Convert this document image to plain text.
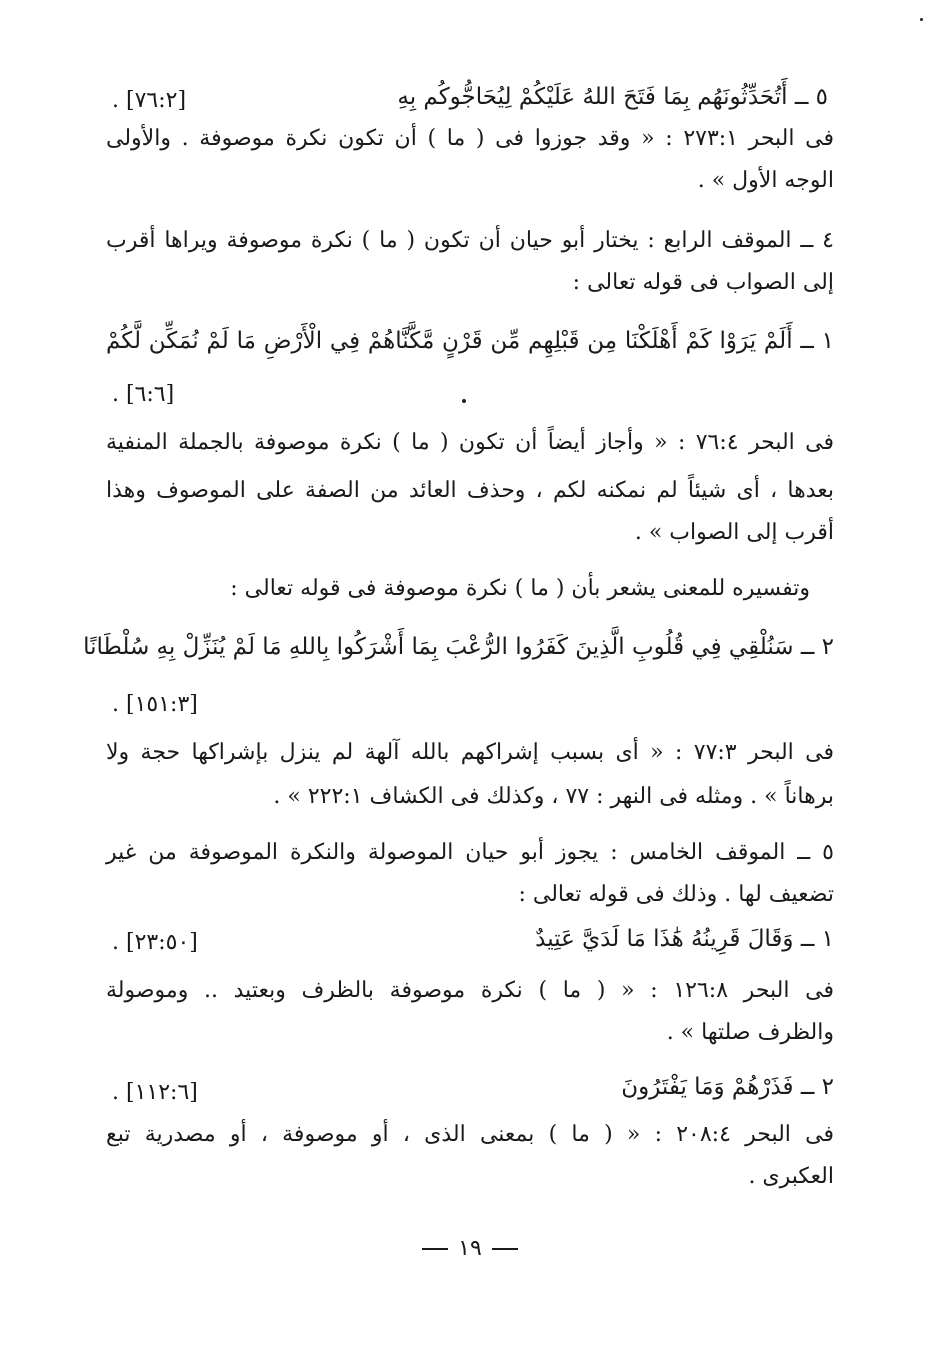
٥ ــ أَتُحَدِّثُونَهُم بِمَا فَتَحَ اللهُ عَلَيْكُمْ لِيُحَاجُّوكُم بِهِ
[٧٦:٢] .
فى البحر ٢٧٣:١ : « وقد جوزوا فى ( ما ) أن تكون نكرة موصوفة . والأولى
الوجه الأول » .
٤ ــ الموقف الرابع : يختار أبو حيان أن تكون ( ما ) نكرة موصوفة ويراها أقرب
إلى الصواب فى قوله تعالى :
١ ــ أَلَمْ يَرَوْا كَمْ أَهْلَكْنَا مِن قَبْلِهِم مِّن قَرْنٍ مَّكَّنَّاهُمْ فِي الْأَرْضِ مَا لَمْ نُمَكِّن لَّكُمْ
[٦:٦] .
فى البحر ٧٦:٤ : « وأجاز أيضاً أن تكون ( ما ) نكرة موصوفة بالجملة المنفية
بعدها ، أى شيئاً لم نمكنه لكم ، وحذف العائد من الصفة على الموصوف وهذا
أقرب إلى الصواب » .
وتفسيره للمعنى يشعر بأن ( ما ) نكرة موصوفة فى قوله تعالى :
٢ ــ سَنُلْقِي فِي قُلُوبِ الَّذِينَ كَفَرُوا الرُّعْبَ بِمَا أَشْرَكُوا بِاللهِ مَا لَمْ يُنَزِّلْ بِهِ سُلْطَانًا
[١٥١:٣] .
فى البحر ٧٧:٣ : « أى بسبب إشراكهم بالله آلهة لم ينزل بإشراكها حجة ولا
برهاناً » . ومثله فى النهر : ٧٧ ، وكذلك فى الكشاف ٢٢٢:١ » .
٥ ــ الموقف الخامس : يجوز أبو حيان الموصولة والنكرة الموصوفة من غير
تضعيف لها . وذلك فى قوله تعالى :
١ ــ وَقَالَ قَرِينُهُ هَٰذَا مَا لَدَيَّ عَتِيدٌ
[٢٣:٥٠] .
فى البحر ١٢٦:٨ : « ( ما ) نكرة موصوفة بالظرف وبعتيد .. وموصولة
والظرف صلتها » .
٢ ــ فَذَرْهُمْ وَمَا يَفْتَرُونَ
[١١٢:٦] .
فى البحر ٢٠٨:٤ : « ( ما ) بمعنى الذى ، أو موصوفة ، أو مصدرية تبع
العكبرى .
١٩
